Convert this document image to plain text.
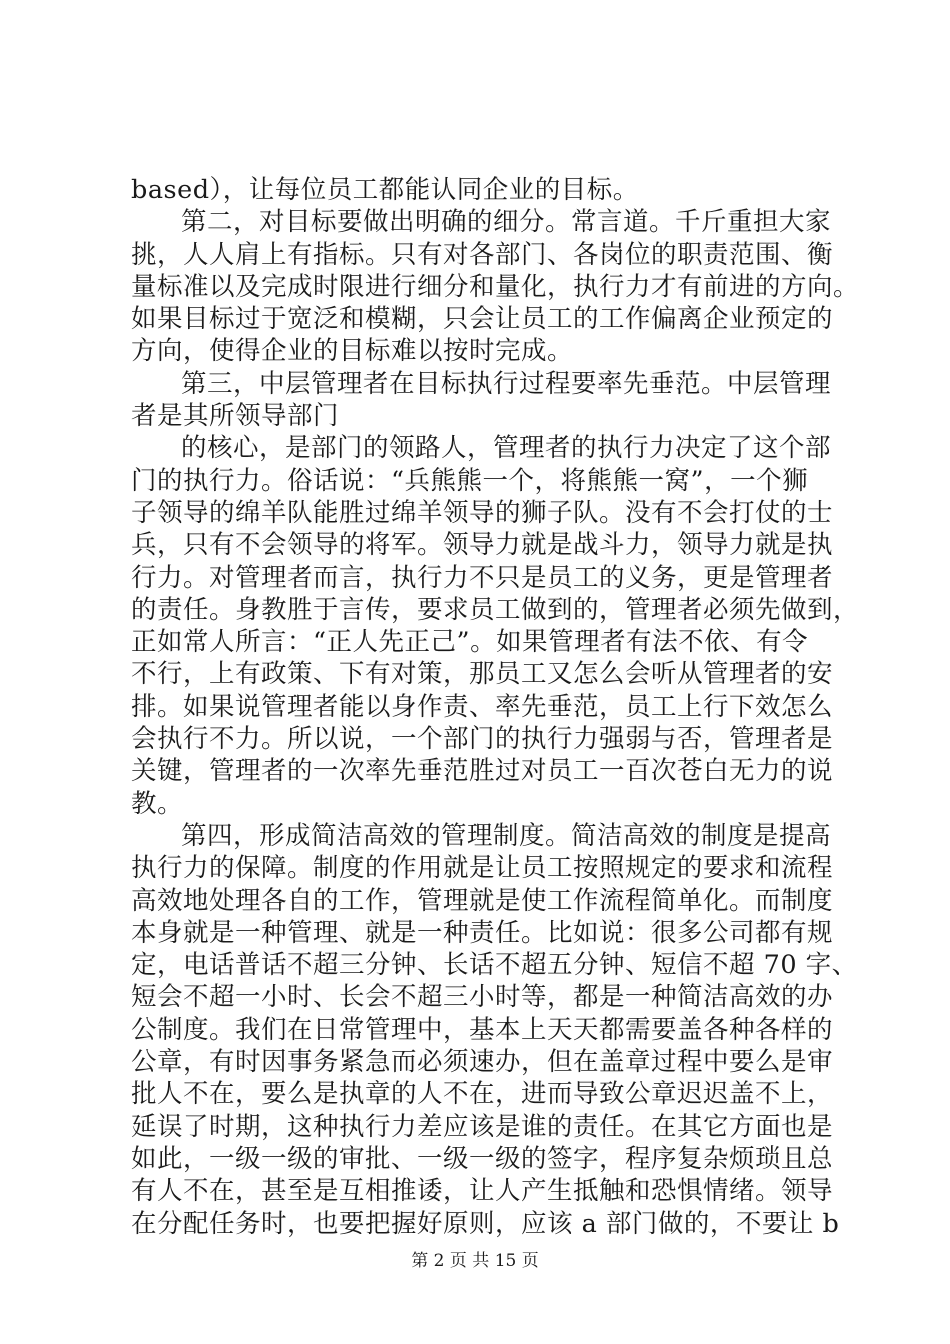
based），让每位员工都能认同企业的目标。
第二，对目标要做出明确的细分。常言道。千斤重担大家
挑，人人肩上有指标。只有对各部门、各岗位的职责范围、衡
量标准以及完成时限进行细分和量化，执行力才有前进的方向。
如果目标过于宽泛和模糊，只会让员工的工作偏离企业预定的
方向，使得企业的目标难以按时完成。
第三，中层管理者在目标执行过程要率先垂范。中层管理
者是其所领导部门
的核心，是部门的领路人，管理者的执行力决定了这个部
门的执行力。俗话说：“兵熊熊一个，将熊熊一窝”，一个狮
子领导的绵羊队能胜过绵羊领导的狮子队。没有不会打仗的士
兵，只有不会领导的将军。领导力就是战斗力，领导力就是执
行力。对管理者而言，执行力不只是员工的义务，更是管理者
的责任。身教胜于言传，要求员工做到的，管理者必须先做到，
正如常人所言：“正人先正己”。如果管理者有法不依、有令
不行，上有政策、下有对策，那员工又怎么会听从管理者的安
排。如果说管理者能以身作责、率先垂范，员工上行下效怎么
会执行不力。所以说，一个部门的执行力强弱与否，管理者是
关键，管理者的一次率先垂范胜过对员工一百次苍白无力的说
教。
第四，形成简洁高效的管理制度。简洁高效的制度是提高
执行力的保障。制度的作用就是让员工按照规定的要求和流程
高效地处理各自的工作，管理就是使工作流程简单化。而制度
本身就是一种管理、就是一种责任。比如说：很多公司都有规
定，电话普话不超三分钟、长话不超五分钟、短信不超 70 字、
短会不超一小时、长会不超三小时等，都是一种简洁高效的办
公制度。我们在日常管理中，基本上天天都需要盖各种各样的
公章，有时因事务紧急而必须速办，但在盖章过程中要么是审
批人不在，要么是执章的人不在，进而导致公章迟迟盖不上，
延误了时期，这种执行力差应该是谁的责任。在其它方面也是
如此，一级一级的审批、一级一级的签字，程序复杂烦琐且总
有人不在，甚至是互相推诿，让人产生抵触和恐惧情绪。领导
在分配任务时，也要把握好原则，应该 a 部门做的，不要让 b
第 2 页 共 15 页
